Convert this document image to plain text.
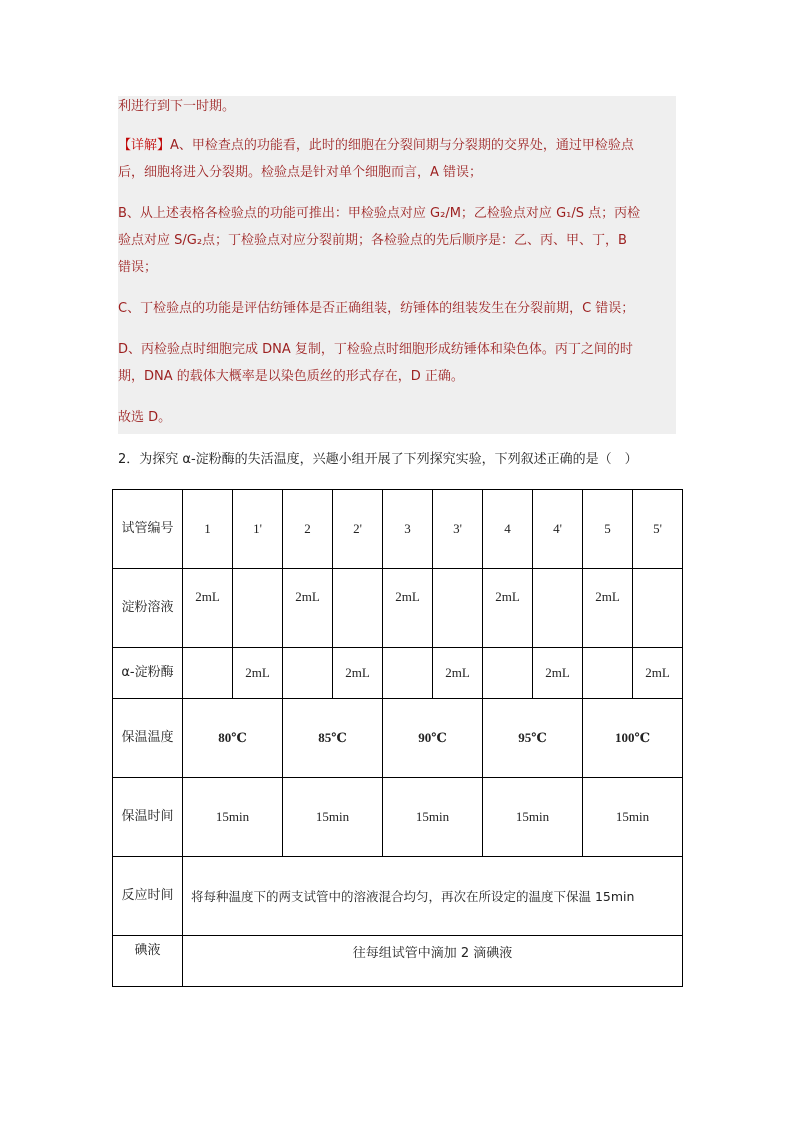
利进行到下一时期。
【详解】A、甲检查点的功能看，此时的细胞在分裂间期与分裂期的交界处，通过甲检验点
后，细胞将进入分裂期。检验点是针对单个细胞而言，A 错误；
B、从上述表格各检验点的功能可推出：甲检验点对应 G₂/M；乙检验点对应 G₁/S 点；丙检
验点对应 S/G₂点；丁检验点对应分裂前期；各检验点的先后顺序是：乙、丙、甲、丁，B
错误；
C、丁检验点的功能是评估纺锤体是否正确组装，纺锤体的组装发生在分裂前期，C 错误；
D、丙检验点时细胞完成 DNA 复制，丁检验点时细胞形成纺锤体和染色体。丙丁之间的时
期，DNA 的载体大概率是以染色质丝的形式存在，D 正确。
故选 D。
2．为探究 α-淀粉酶的失活温度，兴趣小组开展了下列探究实验，下列叙述正确的是（　）
试管编号	1	1'	2	2'	3	3'	4	4'	5	5'
淀粉溶液	2mL		2mL		2mL		2mL		2mL	
α-淀粉酶		2mL		2mL		2mL		2mL		2mL
保温温度	80℃		85℃		90℃		95℃		100℃	
保温时间	15min		15min		15min		15min		15min	
反应时间	将每种温度下的两支试管中的溶液混合均匀，再次在所设定的温度下保温 15min									
碘液	往每组试管中滴加 2 滴碘液									
